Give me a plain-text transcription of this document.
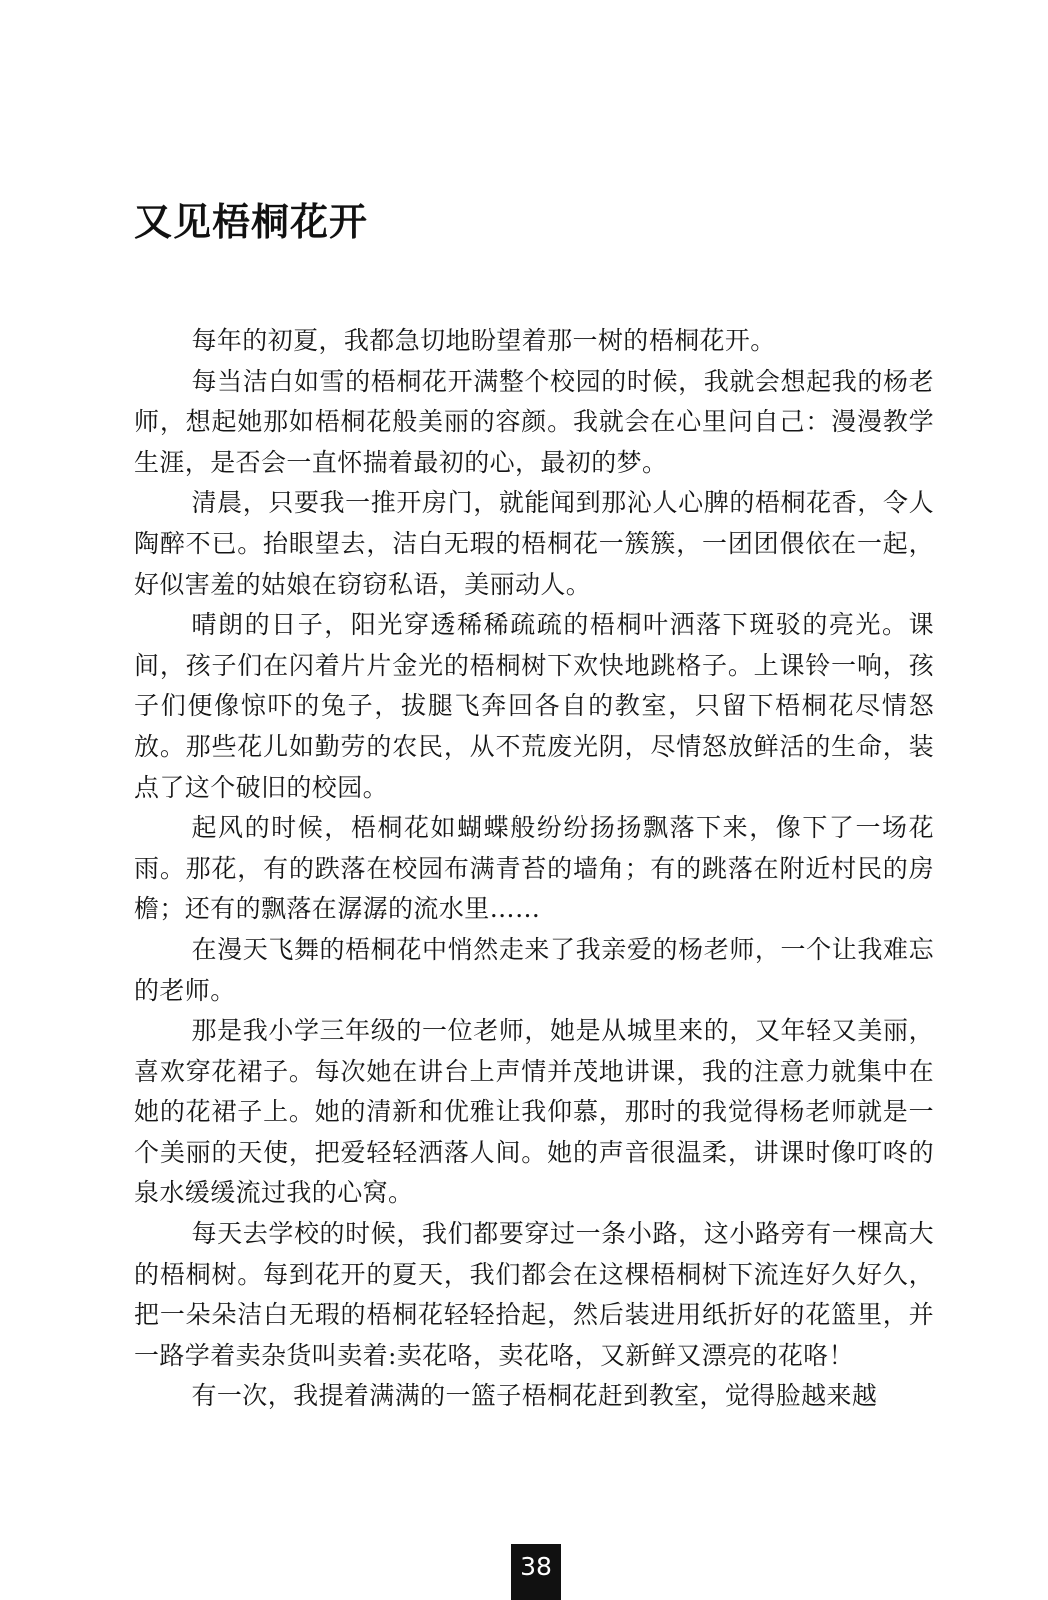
又见梧桐花开

每年的初夏，我都急切地盼望着那一树的梧桐花开。

每当洁白如雪的梧桐花开满整个校园的时候，我就会想起我的杨老师，想起她那如梧桐花般美丽的容颜。我就会在心里问自己：漫漫教学生涯，是否会一直怀揣着最初的心，最初的梦。

清晨，只要我一推开房门，就能闻到那沁人心脾的梧桐花香，令人陶醉不已。抬眼望去，洁白无瑕的梧桐花一簇簇，一团团偎依在一起，好似害羞的姑娘在窃窃私语，美丽动人。

晴朗的日子，阳光穿透稀稀疏疏的梧桐叶洒落下斑驳的亮光。课间，孩子们在闪着片片金光的梧桐树下欢快地跳格子。上课铃一响，孩子们便像惊吓的兔子，拔腿飞奔回各自的教室，只留下梧桐花尽情怒放。那些花儿如勤劳的农民，从不荒废光阴，尽情怒放鲜活的生命，装点了这个破旧的校园。

起风的时候，梧桐花如蝴蝶般纷纷扬扬飘落下来，像下了一场花雨。那花，有的跌落在校园布满青苔的墙角；有的跳落在附近村民的房檐；还有的飘落在潺潺的流水里……

在漫天飞舞的梧桐花中悄然走来了我亲爱的杨老师，一个让我难忘的老师。

那是我小学三年级的一位老师，她是从城里来的，又年轻又美丽，喜欢穿花裙子。每次她在讲台上声情并茂地讲课，我的注意力就集中在她的花裙子上。她的清新和优雅让我仰慕，那时的我觉得杨老师就是一个美丽的天使，把爱轻轻洒落人间。她的声音很温柔，讲课时像叮咚的泉水缓缓流过我的心窝。

每天去学校的时候，我们都要穿过一条小路，这小路旁有一棵高大的梧桐树。每到花开的夏天，我们都会在这棵梧桐树下流连好久好久，把一朵朵洁白无瑕的梧桐花轻轻拾起，然后装进用纸折好的花篮里，并一路学着卖杂货叫卖着:卖花咯，卖花咯，又新鲜又漂亮的花咯！

有一次，我提着满满的一篮子梧桐花赶到教室，觉得脸越来越

38
